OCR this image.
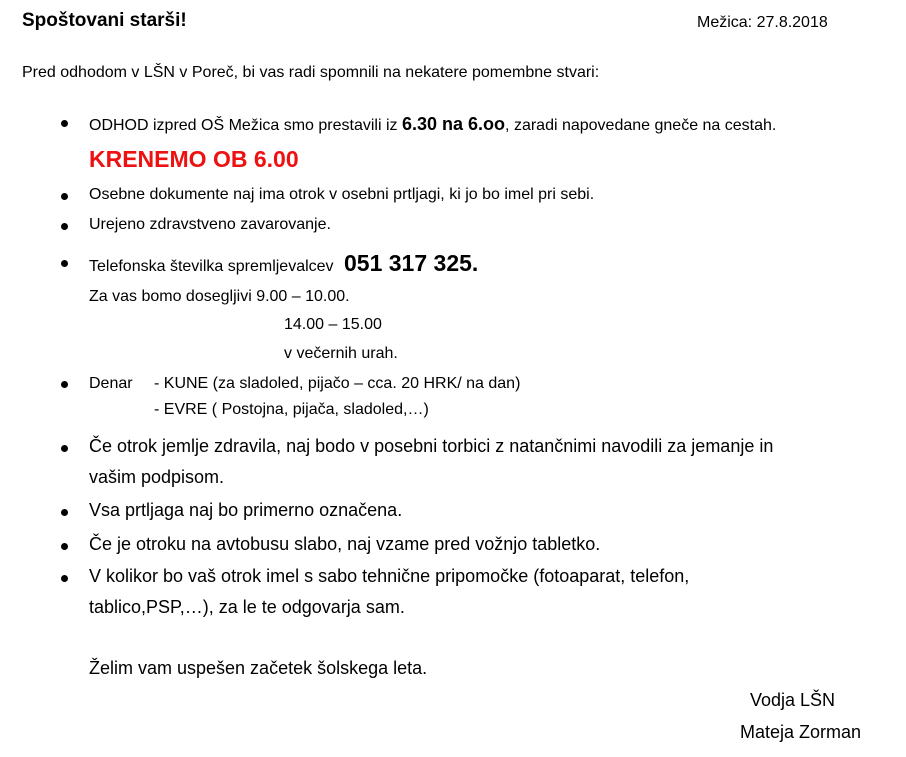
Spoštovani starši!	Mežica: 27.8.2018
Pred odhodom v LŠN v Poreč, bi vas radi spomnili na nekatere pomembne stvari:
ODHOD izpred OŠ Mežica smo prestavili iz 6.30 na 6.oo, zaradi napovedane gneče na cestah.
KRENEMO OB 6.00
Osebne dokumente naj ima otrok v osebni prtljagi, ki jo bo imel pri sebi.
Urejeno zdravstveno zavarovanje.
Telefonska številka spremljevalcev 051 317 325.
Za vas bomo dosegljivi 9.00 – 10.00.
14.00 – 15.00
v večernih urah.
Denar - KUNE (za sladoled, pijačo – cca. 20 HRK/ na dan)
- EVRE ( Postojna, pijača, sladoled,…)
Če otrok jemlje zdravila, naj bodo v posebni torbici z natančnimi navodili za jemanje in
vašim podpisom.
Vsa prtljaga naj bo primerno označena.
Če je otroku na avtobusu slabo, naj vzame pred vožnjo tabletko.
V kolikor bo vaš otrok imel s sabo tehnične pripomočke (fotoaparat, telefon,
tablico,PSP,…), za le te odgovarja sam.
Želim vam uspešen začetek šolskega leta.
Vodja LŠN
Mateja Zorman
